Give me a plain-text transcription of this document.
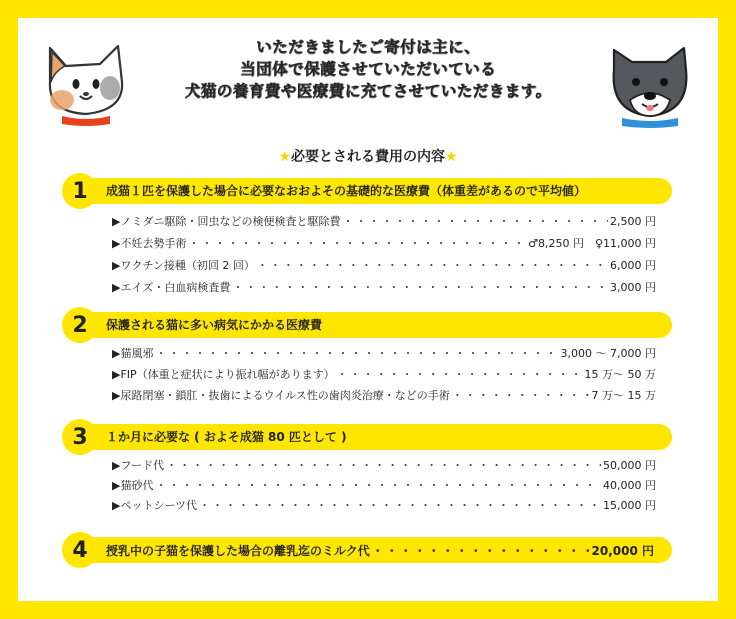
いただきましたご寄付は主に、
当団体で保護させていただいている
犬猫の養育費や医療費に充てさせていただきます。
★必要とされる費用の内容★
成猫１匹を保護した場合に必要なおおよその基礎的な医療費（体重差があるので平均値）
1
▶ノミダニ駆除・回虫などの検便検査と駆除費 ・・・・・・・・・・・・・・・・・・・・・・・・・・・・・・・・・・・・・・・・・・・・・・・・・・・・・・・・・・・・	2,500 円
▶不妊去勢手術 ・・・・・・・・・・・・・・・・・・・・・・・・・・・・・・・・・・・・・・・・・・・・・・・・・・・・・・・・・・・・	♂8,250 円　♀11,000 円
▶ワクチン接種（初回 2 回） ・・・・・・・・・・・・・・・・・・・・・・・・・・・・・・・・・・・・・・・・・・・・・・・・・・・・・・・・・・・・	6,000 円
▶エイズ・白血病検査費 ・・・・・・・・・・・・・・・・・・・・・・・・・・・・・・・・・・・・・・・・・・・・・・・・・・・・・・・・・・・・	3,000 円
保護される猫に多い病気にかかる医療費
2
▶猫風邪 ・・・・・・・・・・・・・・・・・・・・・・・・・・・・・・・・・・・・・・・・・・・・・・・・・・・・・・・・・・・・	3,000 〜 7,000 円
▶FIP（体重と症状により振れ幅があります） ・・・・・・・・・・・・・・・・・・・・・・・・・・・・・・・・・・・・・・・・・・・・・・・・・・・・・・・・・・・・	15 万〜 50 万
▶尿路閉塞・鎖肛・抜歯によるウイルス性の歯肉炎治療・などの手術 ・・・・・・・・・・・・・・・・・・・・・・・・・・・・・・・・・・・・・・・・・・・・・・・・・・・・・・・・・・・・	7 万〜 15 万
１か月に必要な ( およそ成猫 80 匹として )
3
▶フード代 ・・・・・・・・・・・・・・・・・・・・・・・・・・・・・・・・・・・・・・・・・・・・・・・・・・・・・・・・・・・・	50,000 円
▶猫砂代 ・・・・・・・・・・・・・・・・・・・・・・・・・・・・・・・・・・・・・・・・・・・・・・・・・・・・・・・・・・・・	40,000 円
▶ペットシーツ代 ・・・・・・・・・・・・・・・・・・・・・・・・・・・・・・・・・・・・・・・・・・・・・・・・・・・・・・・・・・・・	15,000 円
授乳中の子猫を保護した場合の離乳迄のミルク代 ・・・・・・・・・・・・・・・・・・・・・・・・・・・・・・・・・・・・・・・・・・・・・・・・・・・・・・・・・・・・	20,000 円
4
